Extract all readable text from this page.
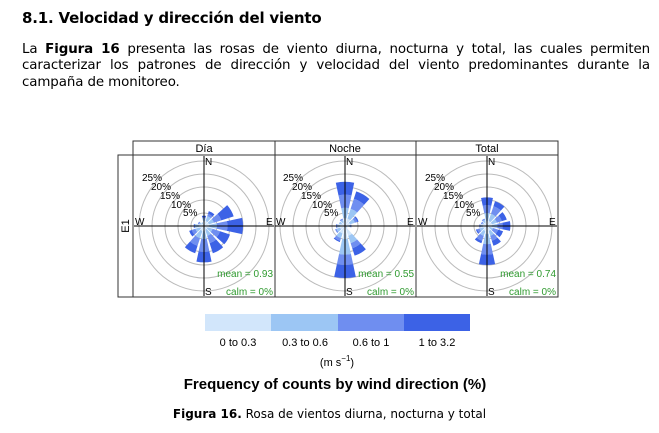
8.1. Velocidad y dirección del viento
La Figura 16 presenta las rosas de viento diurna, nocturna y total, las cuales permiten caracterizar los patrones de dirección y velocidad del viento predominantes durante la campaña de monitoreo.
E1
Día
N
E
S
W
5%
10%
15%
20%
25%
mean = 0.93
calm = 0%
Noche
N
E
S
W
5%
10%
15%
20%
25%
mean = 0.55
calm = 0%
Total
N
E
S
W
5%
10%
15%
20%
25%
mean = 0.74
calm = 0%
0 to 0.3 0.3 to 0.6 0.6 to 1	1 to 3.2
(m $s^{-1}$)
Frequency of counts by wind direction (%)
Figura 16. Rosa de vientos diurna, nocturna y total
